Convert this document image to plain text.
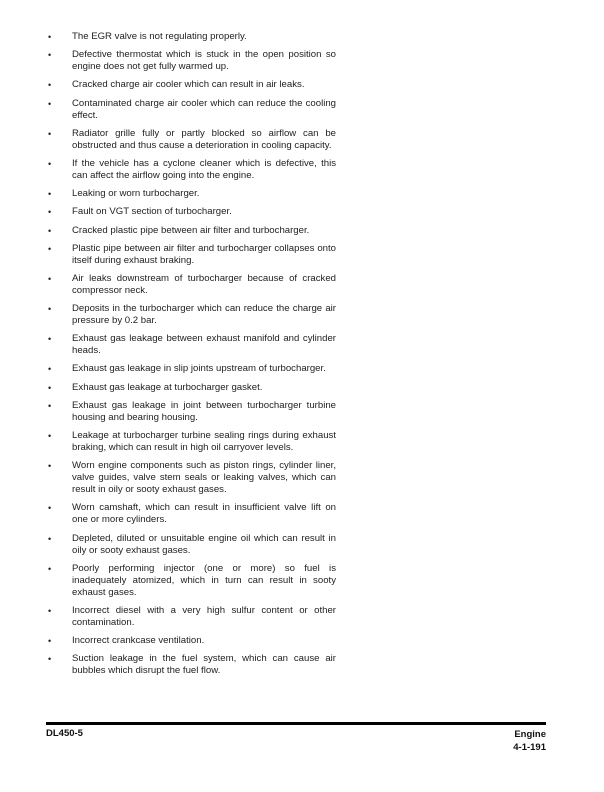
• The EGR valve is not regulating properly.
• Defective thermostat which is stuck in the open position so engine does not get fully warmed up.
• Cracked charge air cooler which can result in air leaks.
• Contaminated charge air cooler which can reduce the cooling effect.
• Radiator grille fully or partly blocked so airflow can be obstructed and thus cause a deterioration in cooling capacity.
• If the vehicle has a cyclone cleaner which is defective, this can affect the airflow going into the engine.
• Leaking or worn turbocharger.
• Fault on VGT section of turbocharger.
• Cracked plastic pipe between air filter and turbocharger.
• Plastic pipe between air filter and turbocharger collapses onto itself during exhaust braking.
• Air leaks downstream of turbocharger because of cracked compressor neck.
• Deposits in the turbocharger which can reduce the charge air pressure by 0.2 bar.
• Exhaust gas leakage between exhaust manifold and cylinder heads.
• Exhaust gas leakage in slip joints upstream of turbocharger.
• Exhaust gas leakage at turbocharger gasket.
• Exhaust gas leakage in joint between turbocharger turbine housing and bearing housing.
• Leakage at turbocharger turbine sealing rings during exhaust braking, which can result in high oil carryover levels.
• Worn engine components such as piston rings, cylinder liner, valve guides, valve stem seals or leaking valves, which can result in oily or sooty exhaust gases.
• Worn camshaft, which can result in insufficient valve lift on one or more cylinders.
• Depleted, diluted or unsuitable engine oil which can result in oily or sooty exhaust gases.
• Poorly performing injector (one or more) so fuel is inadequately atomized, which in turn can result in sooty exhaust gases.
• Incorrect diesel with a very high sulfur content or other contamination.
• Incorrect crankcase ventilation.
• Suction leakage in the fuel system, which can cause air bubbles which disrupt the fuel flow.
DL450-5	Engine
4-1-191
